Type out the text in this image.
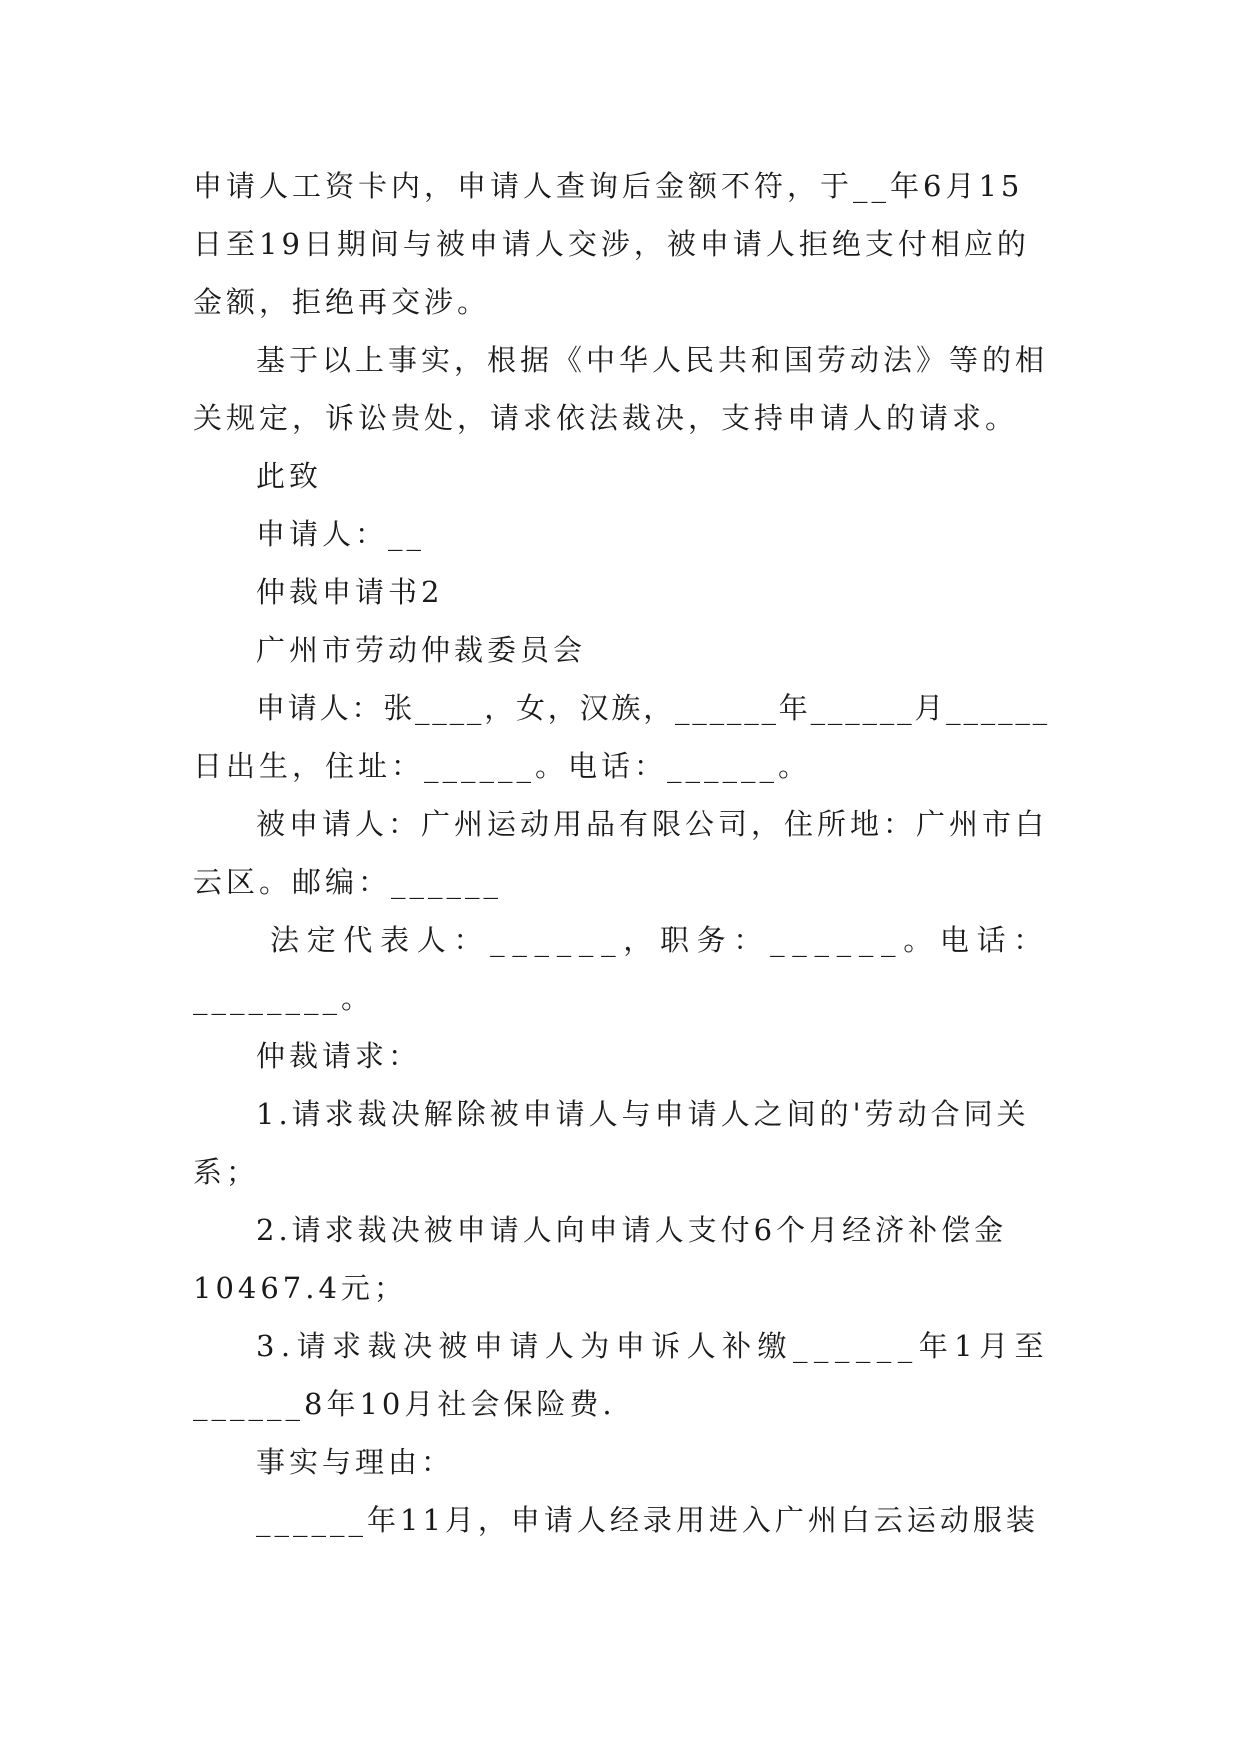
申请人工资卡内，申请人查询后金额不符，于__年6月15
日至19日期间与被申请人交涉，被申请人拒绝支付相应的
金额，拒绝再交涉。
基于以上事实，根据《中华人民共和国劳动法》等的相
关规定，诉讼贵处，请求依法裁决，支持申请人的请求。
此致
申请人：__
仲裁申请书2
广州市劳动仲裁委员会
申请人：张____，女，汉族，______年______月______
日出生，住址：______。电话：______。
被申请人：广州运动用品有限公司，住所地：广州市白
云区。邮编：______
法定代表人：______，职务：______。电话：
________。
仲裁请求：
1.请求裁决解除被申请人与申请人之间的'劳动合同关
系；
2.请求裁决被申请人向申请人支付6个月经济补偿金
10467.4元；
3.请求裁决被申请人为申诉人补缴______年1月至
______8年10月社会保险费.
事实与理由：
______年11月，申请人经录用进入广州白云运动服装
